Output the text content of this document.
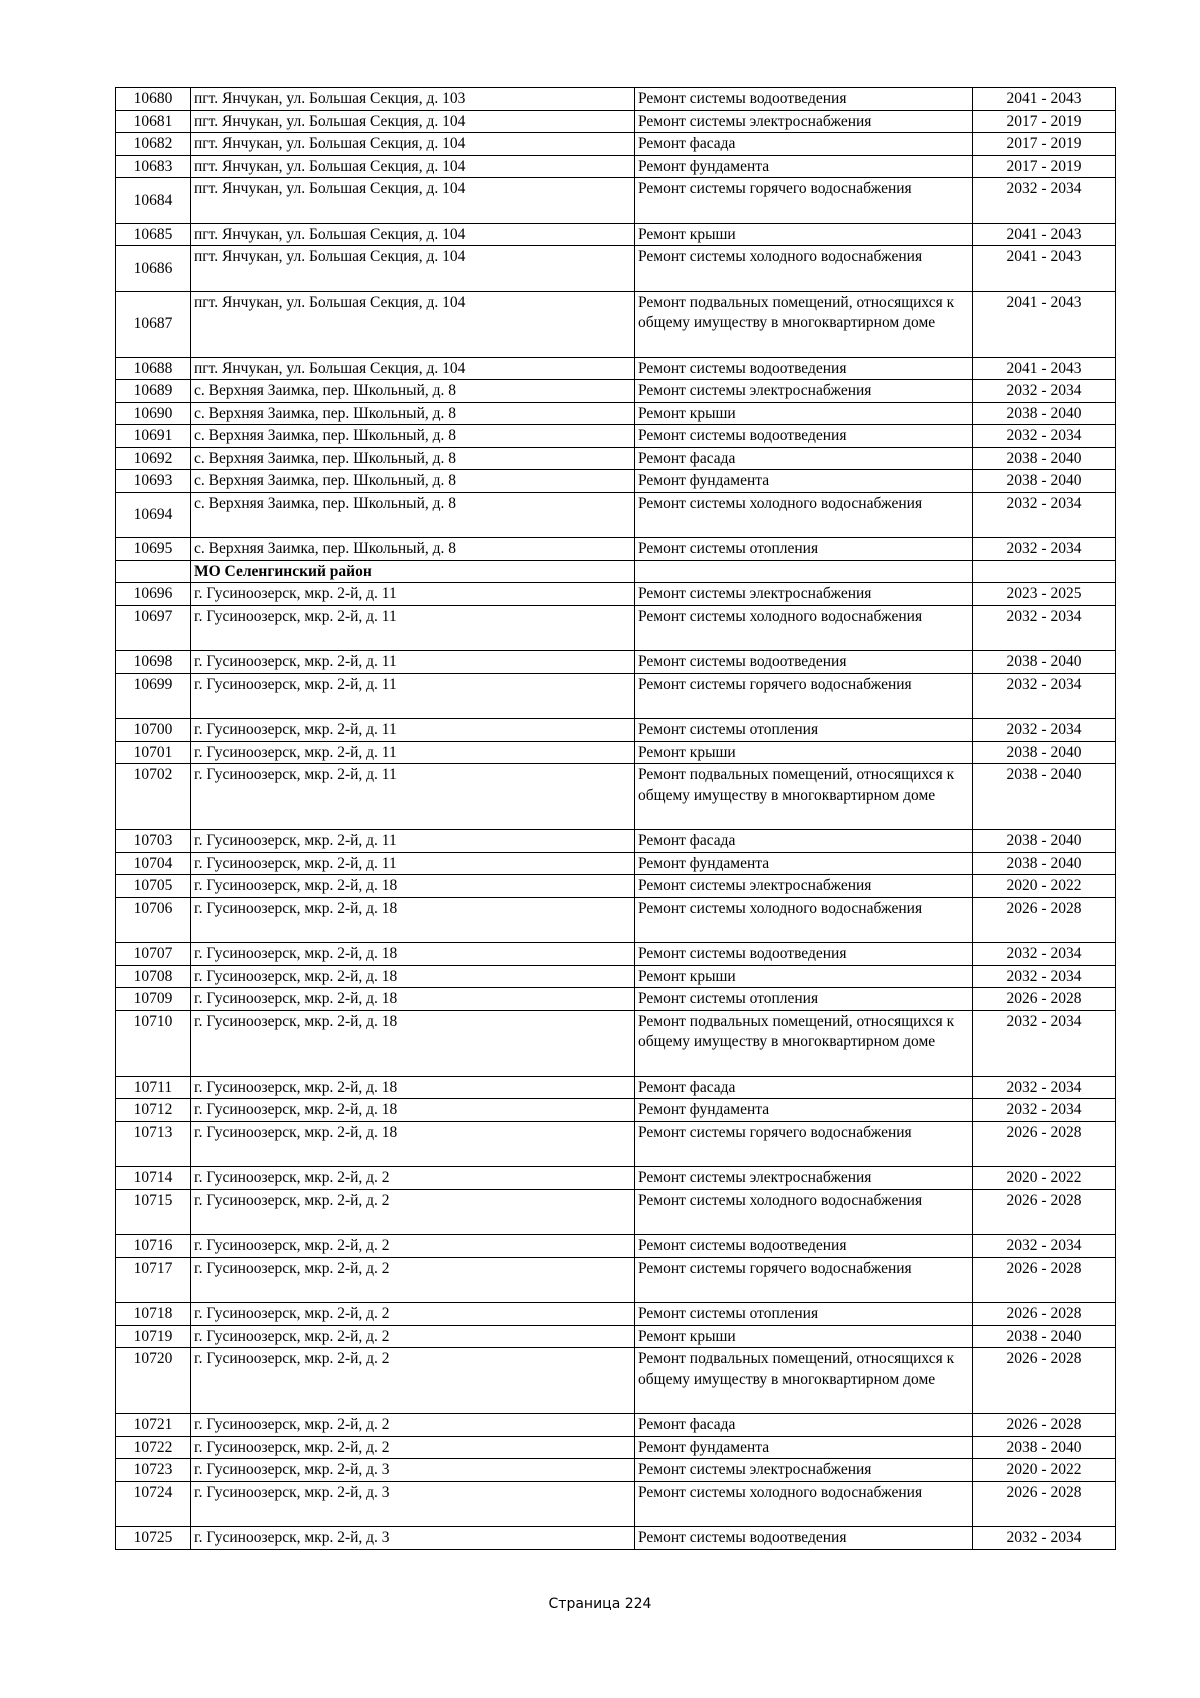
10680	пгт. Янчукан, ул. Большая Секция, д. 103	Ремонт системы водоотведения	2041 - 2043
10681	пгт. Янчукан, ул. Большая Секция, д. 104	Ремонт системы электроснабжения	2017 - 2019
10682	пгт. Янчукан, ул. Большая Секция, д. 104	Ремонт фасада	2017 - 2019
10683	пгт. Янчукан, ул. Большая Секция, д. 104	Ремонт фундамента	2017 - 2019
10684	пгт. Янчукан, ул. Большая Секция, д. 104	Ремонт системы горячего водоснабжения	2032 - 2034
10685	пгт. Янчукан, ул. Большая Секция, д. 104	Ремонт крыши	2041 - 2043
10686	пгт. Янчукан, ул. Большая Секция, д. 104	Ремонт системы холодного водоснабжения	2041 - 2043
10687	пгт. Янчукан, ул. Большая Секция, д. 104	Ремонт подвальных помещений, относящихся к общему имуществу в многоквартирном доме	2041 - 2043
10688	пгт. Янчукан, ул. Большая Секция, д. 104	Ремонт системы водоотведения	2041 - 2043
10689	с. Верхняя Заимка, пер. Школьный, д. 8	Ремонт системы электроснабжения	2032 - 2034
10690	с. Верхняя Заимка, пер. Школьный, д. 8	Ремонт крыши	2038 - 2040
10691	с. Верхняя Заимка, пер. Школьный, д. 8	Ремонт системы водоотведения	2032 - 2034
10692	с. Верхняя Заимка, пер. Школьный, д. 8	Ремонт фасада	2038 - 2040
10693	с. Верхняя Заимка, пер. Школьный, д. 8	Ремонт фундамента	2038 - 2040
10694	с. Верхняя Заимка, пер. Школьный, д. 8	Ремонт системы холодного водоснабжения	2032 - 2034
10695	с. Верхняя Заимка, пер. Школьный, д. 8	Ремонт системы отопления	2032 - 2034
	МО Селенгинский район		
10696	г. Гусиноозерск, мкр. 2-й, д. 11	Ремонт системы электроснабжения	2023 - 2025
10697	г. Гусиноозерск, мкр. 2-й, д. 11	Ремонт системы холодного водоснабжения	2032 - 2034
10698	г. Гусиноозерск, мкр. 2-й, д. 11	Ремонт системы водоотведения	2038 - 2040
10699	г. Гусиноозерск, мкр. 2-й, д. 11	Ремонт системы горячего водоснабжения	2032 - 2034
10700	г. Гусиноозерск, мкр. 2-й, д. 11	Ремонт системы отопления	2032 - 2034
10701	г. Гусиноозерск, мкр. 2-й, д. 11	Ремонт крыши	2038 - 2040
10702	г. Гусиноозерск, мкр. 2-й, д. 11	Ремонт подвальных помещений, относящихся к общему имуществу в многоквартирном доме	2038 - 2040
10703	г. Гусиноозерск, мкр. 2-й, д. 11	Ремонт фасада	2038 - 2040
10704	г. Гусиноозерск, мкр. 2-й, д. 11	Ремонт фундамента	2038 - 2040
10705	г. Гусиноозерск, мкр. 2-й, д. 18	Ремонт системы электроснабжения	2020 - 2022
10706	г. Гусиноозерск, мкр. 2-й, д. 18	Ремонт системы холодного водоснабжения	2026 - 2028
10707	г. Гусиноозерск, мкр. 2-й, д. 18	Ремонт системы водоотведения	2032 - 2034
10708	г. Гусиноозерск, мкр. 2-й, д. 18	Ремонт крыши	2032 - 2034
10709	г. Гусиноозерск, мкр. 2-й, д. 18	Ремонт системы отопления	2026 - 2028
10710	г. Гусиноозерск, мкр. 2-й, д. 18	Ремонт подвальных помещений, относящихся к общему имуществу в многоквартирном доме	2032 - 2034
10711	г. Гусиноозерск, мкр. 2-й, д. 18	Ремонт фасада	2032 - 2034
10712	г. Гусиноозерск, мкр. 2-й, д. 18	Ремонт фундамента	2032 - 2034
10713	г. Гусиноозерск, мкр. 2-й, д. 18	Ремонт системы горячего водоснабжения	2026 - 2028
10714	г. Гусиноозерск, мкр. 2-й, д. 2	Ремонт системы электроснабжения	2020 - 2022
10715	г. Гусиноозерск, мкр. 2-й, д. 2	Ремонт системы холодного водоснабжения	2026 - 2028
10716	г. Гусиноозерск, мкр. 2-й, д. 2	Ремонт системы водоотведения	2032 - 2034
10717	г. Гусиноозерск, мкр. 2-й, д. 2	Ремонт системы горячего водоснабжения	2026 - 2028
10718	г. Гусиноозерск, мкр. 2-й, д. 2	Ремонт системы отопления	2026 - 2028
10719	г. Гусиноозерск, мкр. 2-й, д. 2	Ремонт крыши	2038 - 2040
10720	г. Гусиноозерск, мкр. 2-й, д. 2	Ремонт подвальных помещений, относящихся к общему имуществу в многоквартирном доме	2026 - 2028
10721	г. Гусиноозерск, мкр. 2-й, д. 2	Ремонт фасада	2026 - 2028
10722	г. Гусиноозерск, мкр. 2-й, д. 2	Ремонт фундамента	2038 - 2040
10723	г. Гусиноозерск, мкр. 2-й, д. 3	Ремонт системы электроснабжения	2020 - 2022
10724	г. Гусиноозерск, мкр. 2-й, д. 3	Ремонт системы холодного водоснабжения	2026 - 2028
10725	г. Гусиноозерск, мкр. 2-й, д. 3	Ремонт системы водоотведения	2032 - 2034
Страница 224
